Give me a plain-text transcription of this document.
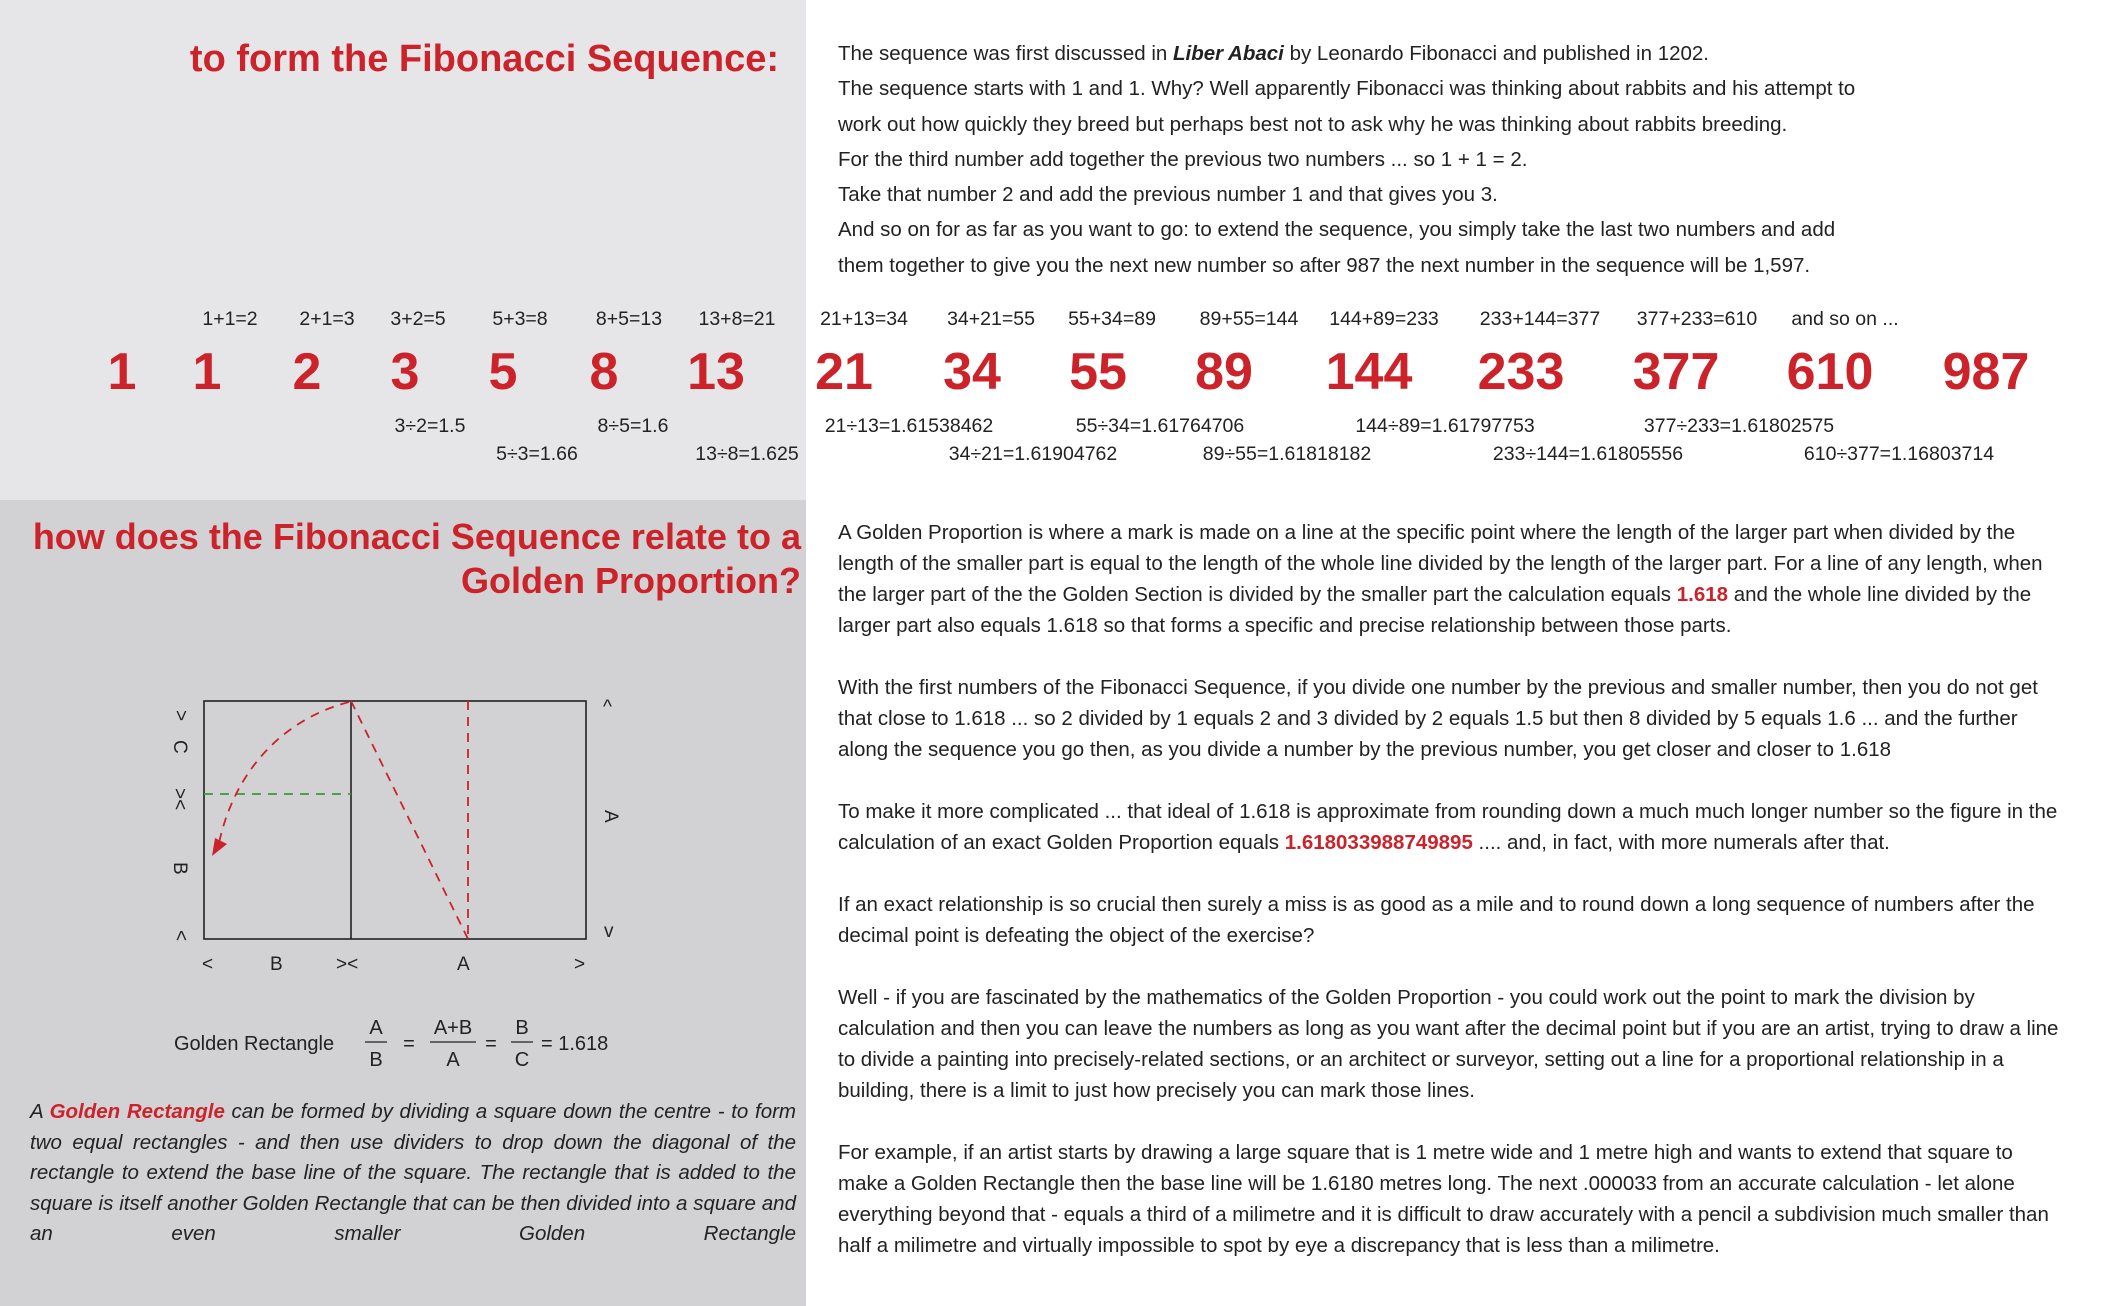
to form the Fibonacci Sequence:	The sequence was first discussed in Liber Abaci by Leonardo Fibonacci and published in 1202.

The sequence starts with 1 and 1. Why? Well apparently Fibonacci was thinking about rabbits and his attempt to

work out how quickly they breed but perhaps best not to ask why he was thinking about rabbits breeding.

For the third number add together the previous two numbers ... so 1 + 1 = 2.

Take that number 2 and add the previous number 1 and that gives you 3.

And so on for as far as you want to go: to extend the sequence, you simply take the last two numbers and add

them together to give you the next new number so after 987 the next number in the sequence will be 1,597.

1 1 2 3 5 8 13 21 34 55 89 144 233 377 610 987
1+1=2 2+1=3 3+2=5 5+3=8 8+5=13 13+8=21 21+13=34 34+21=55 55+34=89 89+55=144 144+89=233 233+144=377 377+233=610 and so on ...
3÷2=1.5
5÷3=1.66
8÷5=1.6
13÷8=1.625
21÷13=1.61538462
34÷21=1.61904762
55÷34=1.61764706
89÷55=1.61818182
144÷89=1.61797753
233÷144=1.61805556
377÷233=1.61802575
610÷377=1.16803714
how does the Fibonacci Sequence relate to a Golden Proportion?
>
C
><
B
<
^
A
v
<	B	><	A	>
Golden Rectangle
A
B
=
A+B
A
=
B
C
= 1.618
A Golden Rectangle can be formed by dividing a square down the centre - to form two equal rectangles - and then use dividers to drop down the diagonal of the rectangle to extend the base line of the square. The rectangle that is added to the square is itself another Golden Rectangle that can be then divided into a square and an even smaller Golden Rectangle

A Golden Proportion is where a mark is made on a line at the specific point where the length of the larger part when divided by the length of the smaller part is equal to the length of the whole line divided by the length of the larger part. For a line of any length, when the larger part of the the Golden Section is divided by the smaller part the calculation equals 1.618 and the whole line divided by the larger part also equals 1.618 so that forms a specific and precise relationship between those parts.

With the first numbers of the Fibonacci Sequence, if you divide one number by the previous and smaller number, then you do not get that close to 1.618 ... so 2 divided by 1 equals 2 and 3 divided by 2 equals 1.5 but then 8 divided by 5 equals 1.6 ... and the further along the sequence you go then, as you divide a number by the previous number, you get closer and closer to 1.618

To make it more complicated ... that ideal of 1.618 is approximate from rounding down a much much longer number so the figure in the calculation of an exact Golden Proportion equals 1.618033988749895 .... and, in fact, with more numerals after that.

If an exact relationship is so crucial then surely a miss is as good as a mile and to round down a long sequence of numbers after the decimal point is defeating the object of the exercise?

Well - if you are fascinated by the mathematics of the Golden Proportion - you could work out the point to mark the division by calculation and then you can leave the numbers as long as you want after the decimal point but if you are an artist, trying to draw a line to divide a painting into precisely-related sections, or an architect or surveyor, setting out a line for a proportional relationship in a building, there is a limit to just how precisely you can mark those lines.

For example, if an artist starts by drawing a large square that is 1 metre wide and 1 metre high and wants to extend that square to make a Golden Rectangle then the base line will be 1.6180 metres long. The next .000033 from an accurate calculation - let alone everything beyond that - equals a third of a milimetre and it is difficult to draw accurately with a pencil a subdivision much smaller than half a milimetre and virtually impossible to spot by eye a discrepancy that is less than a milimetre.
